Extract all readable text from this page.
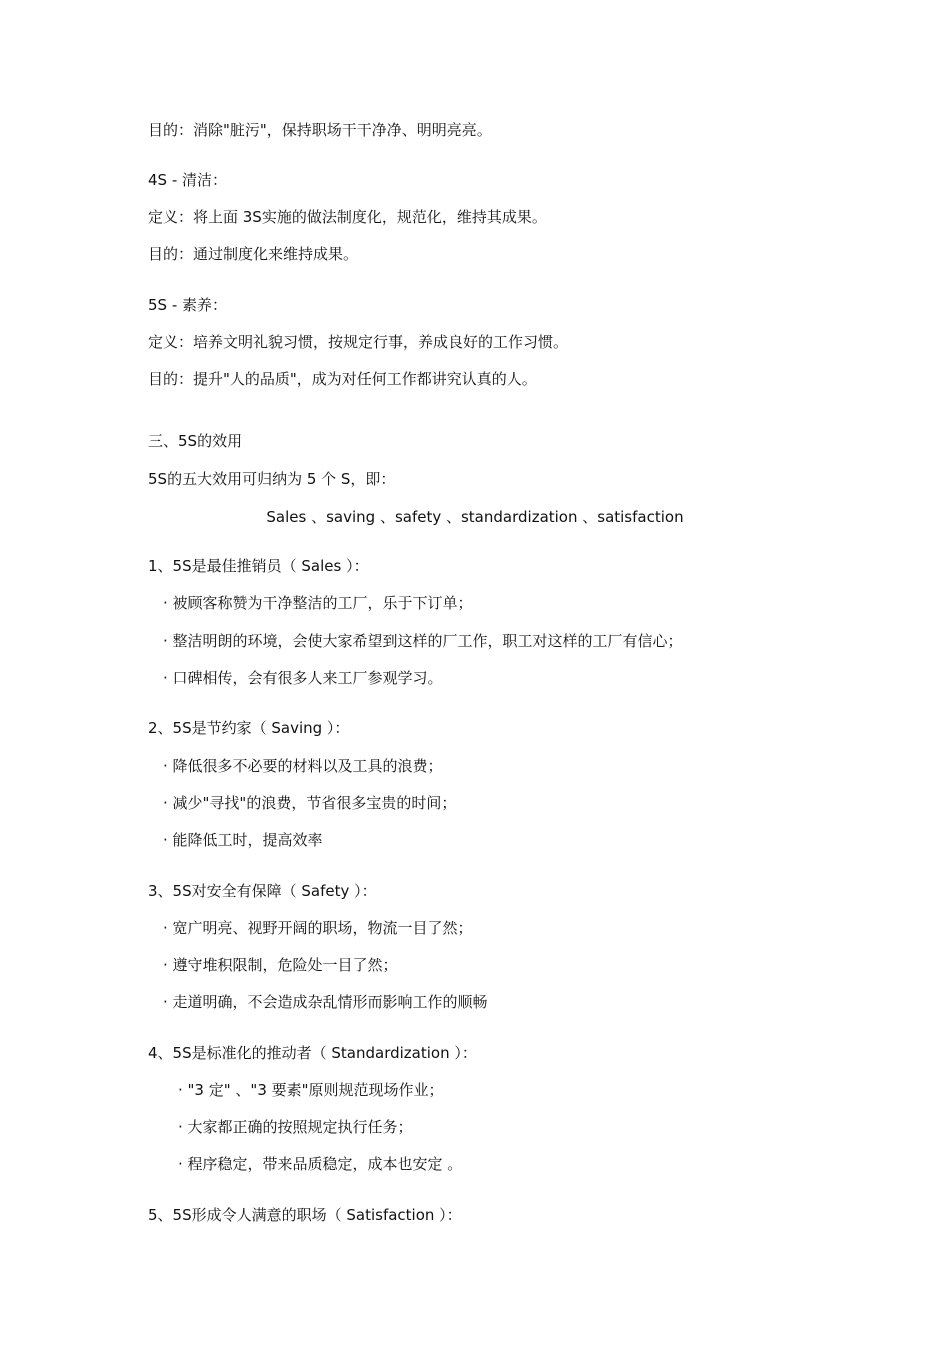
目的：消除"脏污"，保持职场干干净净、明明亮亮。
4S - 清洁：
定义：将上面 3S实施的做法制度化，规范化，维持其成果。
目的：通过制度化来维持成果。
5S - 素养：
定义：培养文明礼貌习惯，按规定行事，养成良好的工作习惯。
目的：提升"人的品质"，成为对任何工作都讲究认真的人。
三、5S的效用
5S的五大效用可归纳为 5 个 S，即：
Sales 、saving 、safety 、standardization 、satisfaction
1、5S是最佳推销员（ Sales ）：
· 被顾客称赞为干净整洁的工厂，乐于下订单；
· 整洁明朗的环境，会使大家希望到这样的厂工作，职工对这样的工厂有信心；
· 口碑相传，会有很多人来工厂参观学习。
2、5S是节约家（ Saving ）：
· 降低很多不必要的材料以及工具的浪费；
· 减少"寻找"的浪费，节省很多宝贵的时间；
· 能降低工时，提高效率
3、5S对安全有保障（ Safety ）：
· 宽广明亮、视野开阔的职场，物流一目了然；
· 遵守堆积限制，危险处一目了然；
· 走道明确，不会造成杂乱情形而影响工作的顺畅
4、5S是标准化的推动者（ Standardization ）：
· "3 定" 、"3 要素"原则规范现场作业；
· 大家都正确的按照规定执行任务；
· 程序稳定，带来品质稳定，成本也安定 。
5、5S形成令人满意的职场（ Satisfaction ）：
